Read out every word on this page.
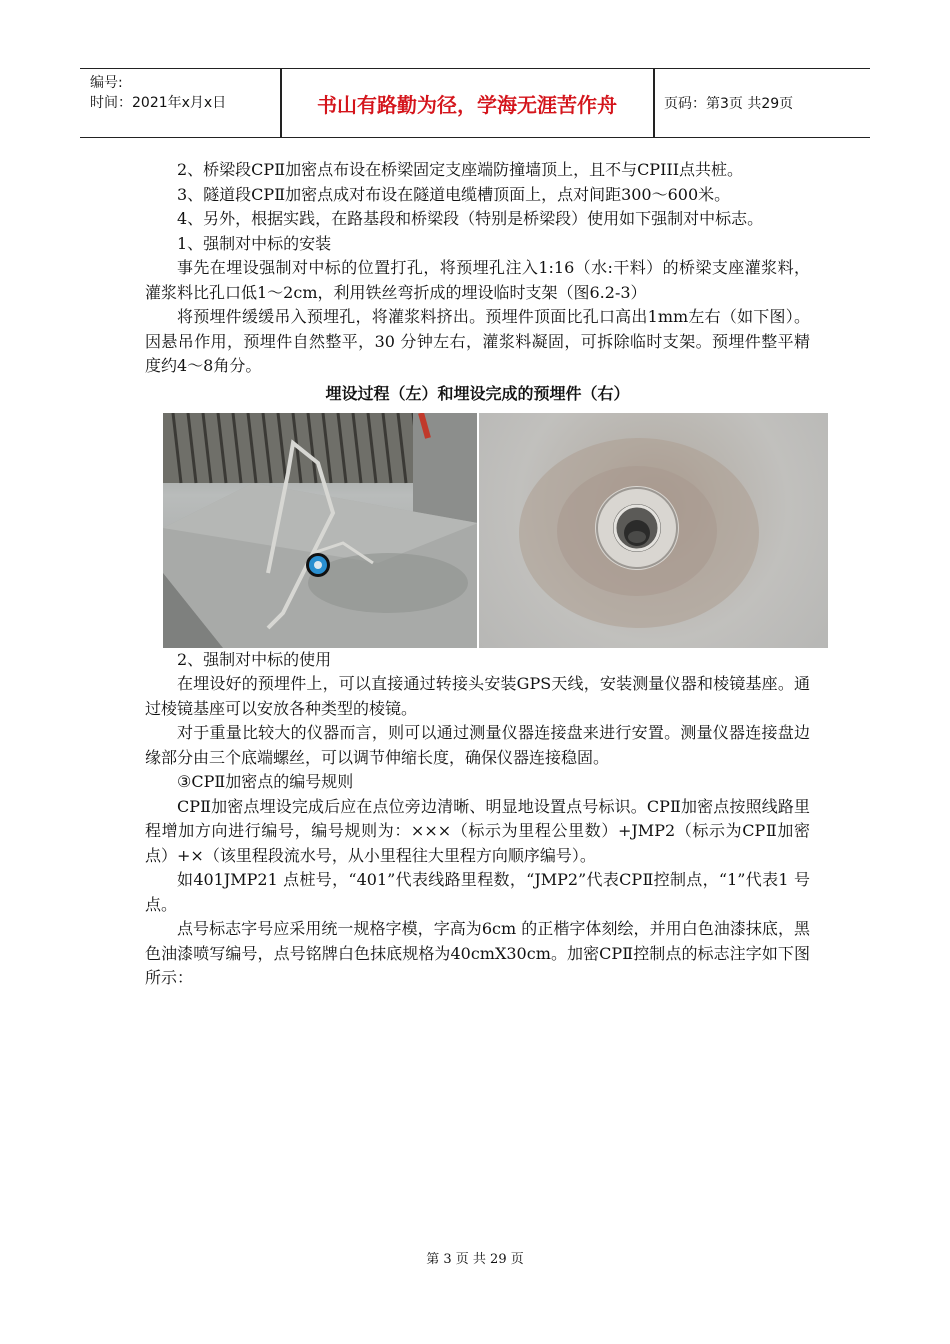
编号:
时间：2021年x月x日	书山有路勤为径，学海无涯苦作舟	页码：第3页 共29页

2、桥梁段CPⅡ加密点布设在桥梁固定支座端防撞墙顶上，且不与CPIII点共桩。

3、隧道段CPⅡ加密点成对布设在隧道电缆槽顶面上，点对间距300～600米。

4、另外，根据实践，在路基段和桥梁段（特别是桥梁段）使用如下强制对中标志。

1、强制对中标的安装

事先在埋设强制对中标的位置打孔，将预埋孔注入1:16（水:干料）的桥梁支座灌浆料，灌浆料比孔口低1～2cm，利用铁丝弯折成的埋设临时支架（图6.2-3）

将预埋件缓缓吊入预埋孔，将灌浆料挤出。预埋件顶面比孔口高出1mm左右（如下图）。因悬吊作用，预埋件自然整平，30 分钟左右，灌浆料凝固，可拆除临时支架。预埋件整平精度约4～8角分。

埋设过程（左）和埋设完成的预埋件（右）

2、强制对中标的使用

在埋设好的预埋件上，可以直接通过转接头安装GPS天线，安装测量仪器和棱镜基座。通过棱镜基座可以安放各种类型的棱镜。

对于重量比较大的仪器而言，则可以通过测量仪器连接盘来进行安置。测量仪器连接盘边缘部分由三个底端螺丝，可以调节伸缩长度，确保仪器连接稳固。

③CPⅡ加密点的编号规则

CPⅡ加密点埋设完成后应在点位旁边清晰、明显地设置点号标识。CPⅡ加密点按照线路里程增加方向进行编号，编号规则为：×××（标示为里程公里数）+JMP2（标示为CPⅡ加密点）+×（该里程段流水号，从小里程往大里程方向顺序编号）。

如401JMP21 点桩号，“401”代表线路里程数，“JMP2”代表CPⅡ控制点，“1”代表1 号点。

点号标志字号应采用统一规格字模，字高为6cm 的正楷字体刻绘，并用白色油漆抹底，黑色油漆喷写编号，点号铭牌白色抹底规格为40cmX30cm。加密CPⅡ控制点的标志注字如下图所示：

第 3 页 共 29 页
